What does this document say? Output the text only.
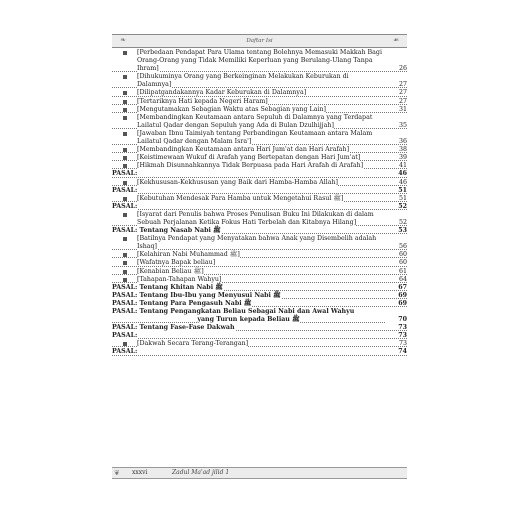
❧	Daftar Isi	☙
[Perbedaan Pendapat Para Ulama tentang Bolehnya Memasuki Makkah Bagi Orang-Orang yang Tidak Memiliki Keperluan yang Berulang-Ulang Tanpa Ihram]	26
[Dihukuminya Orang yang Berkeinginan Melakukan Keburukan di Dalamnya]	27
[Dilipatgandakannya Kadar Keburukan di Dalamnya]	27
[Tertariknya Hati kepada Negeri Haram]	27
[Mengutamakan Sebagian Waktu atas Sebagian yang Lain]	31
[Membandingkan Keutamaan antara Sepuluh di Dalamnya yang Terdapat Lailatul Qadar dengan Sepuluh yang Ada di Bulan Dzulhijjah]	35
[Jawaban Ibnu Taimiyah tentang Perbandingan Keutamaan antara Malam Lailatul Qadar dengan Malam Isra']	36
[Membandingkan Keutamaan antara Hari Jum'at dan Hari Arafah]	38
[Keistimewaan Wukuf di Arafah yang Bertepatan dengan Hari Jum'at]	39
[Hikmah Disunnahkannya Tidak Berpuasa pada Hari Arafah di Arafah]	41
PASAL:	46
[Kekhususan-Kekhususan yang Baik dari Hamba-Hamba Allah]	46
PASAL:	51
[Kebutuhan Mendesak Para Hamba untuk Mengetahui Rasul ﷺ]	51
PASAL:	52
[Isyarat dari Penulis bahwa Proses Penulisan Buku Ini Dilakukan di dalam Sebuah Perjalanan Ketika Fokus Hati Terbelah dan Kitabnya Hilang]	52
PASAL: Tentang Nasab Nabi ﷺ	53
[Batilnya Pendapat yang Menyatakan bahwa Anak yang Disembelih adalah Ishaq]	56
[Kelahiran Nabi Muhammad ﷺ]	60
[Wafatnya Bapak beliau]	60
[Kenabian Beliau ﷺ]	61
[Tahapan-Tahapan Wahyu]	64
PASAL: Tentang Khitan Nabi ﷺ	67
PASAL: Tentang Ibu-Ibu yang Menyusui Nabi ﷺ	69
PASAL: Tentang Para Pengasuh Nabi ﷺ	69
PASAL: Tentang Pengangkatan Beliau Sebagai Nabi dan Awal Wahyu
yang Turun kepada Beliau ﷺ	70
PASAL: Tentang Fase-Fase Dakwah	73
PASAL:	73
[Dakwah Secara Terang-Terangan]	73
PASAL:	74
❦ xxxvi	Zadul Ma'ad jilid 1
